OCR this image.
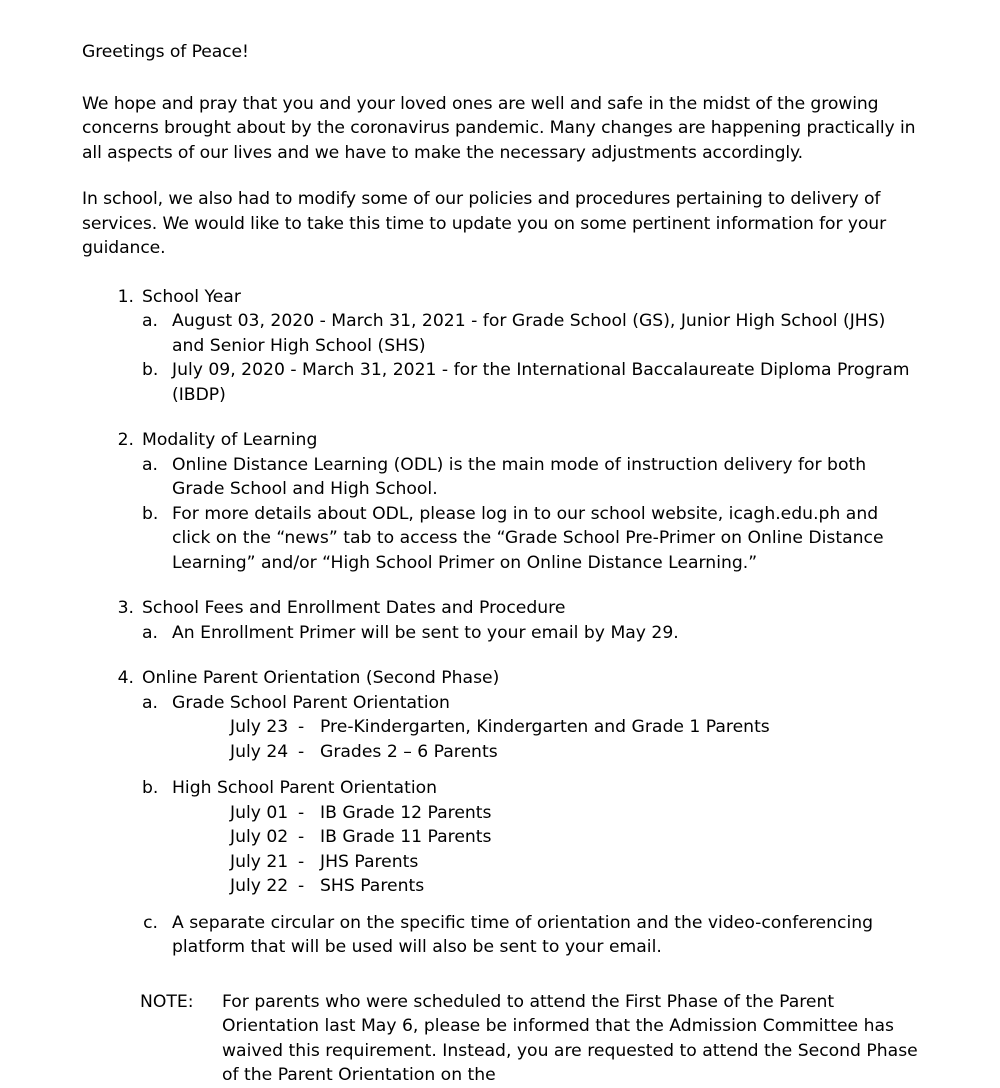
Greetings of Peace!

We hope and pray that you and your loved ones are well and safe in the midst of the growing concerns brought about by the coronavirus pandemic. Many changes are happening practically in all aspects of our lives and we have to make the necessary adjustments accordingly.

In school, we also had to modify some of our policies and procedures pertaining to delivery of services. We would like to take this time to update you on some pertinent information for your guidance.

1. School Year

a. August 03, 2020 - March 31, 2021 - for Grade School (GS), Junior High School (JHS) and Senior High School (SHS)

b. July 09, 2020 - March 31, 2021 - for the International Baccalaureate Diploma Program (IBDP)

2. Modality of Learning

a. Online Distance Learning (ODL) is the main mode of instruction delivery for both Grade School and High School.

b. For more details about ODL, please log in to our school website, icagh.edu.ph and click on the “news” tab to access the “Grade School Pre-Primer on Online Distance Learning” and/or “High School Primer on Online Distance Learning.”

3. School Fees and Enrollment Dates and Procedure

a. An Enrollment Primer will be sent to your email by May 29.

4. Online Parent Orientation (Second Phase)

a. Grade School Parent Orientation

July 23 - Pre-Kindergarten, Kindergarten and Grade 1 Parents
July 24 - Grades 2 – 6 Parents
b. High School Parent Orientation

July 01 - IB Grade 12 Parents
July 02 - IB Grade 11 Parents
July 21 - JHS Parents
July 22 - SHS Parents
c. A separate circular on the specific time of orientation and the video-conferencing platform that will be used will also be sent to your email.

NOTE: For parents who were scheduled to attend the First Phase of the Parent Orientation last May 6, please be informed that the Admission Committee has waived this requirement. Instead, you are requested to attend the Second Phase of the Parent Orientation on the
